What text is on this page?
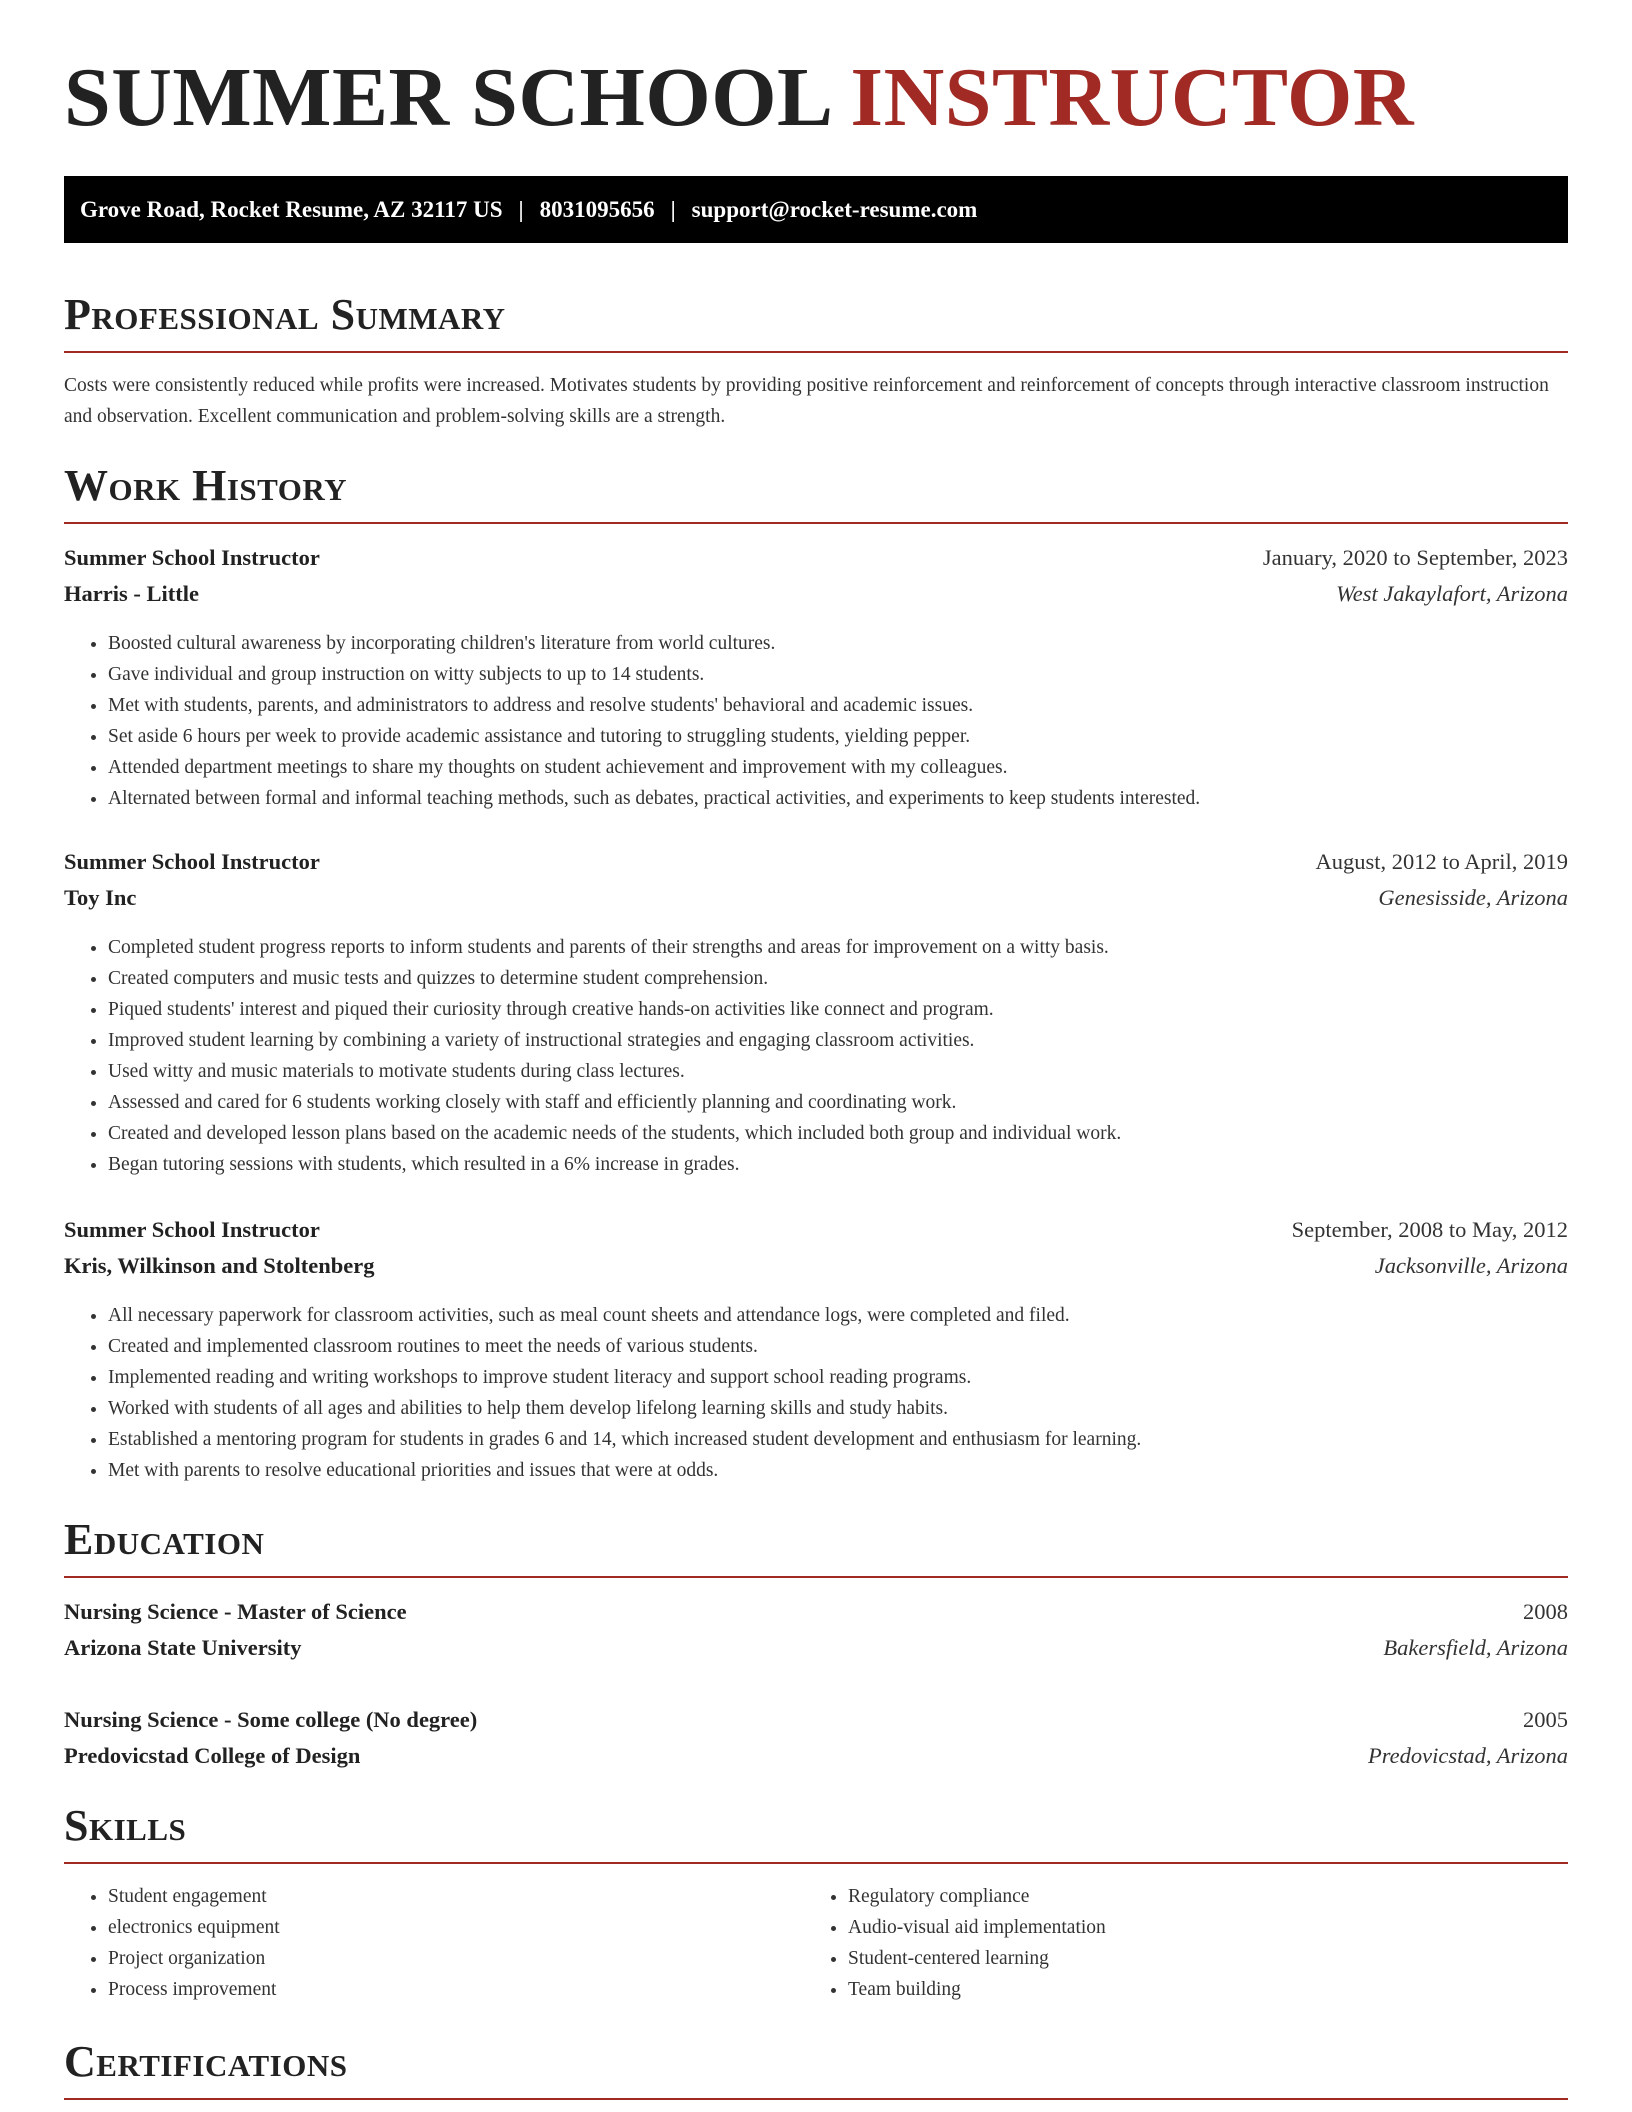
SUMMER SCHOOL INSTRUCTOR
Grove Road, Rocket Resume, AZ 32117 US | 8031095656 | support@rocket-resume.com
Professional Summary

Costs were consistently reduced while profits were increased. Motivates students by providing positive reinforcement and reinforcement of concepts through interactive classroom instruction and observation. Excellent communication and problem-solving skills are a strength.

Work History
Summer School Instructor	January, 2020 to September, 2023
Harris - Little	West Jakaylafort, Arizona
• Boosted cultural awareness by incorporating children's literature from world cultures.
• Gave individual and group instruction on witty subjects to up to 14 students.
• Met with students, parents, and administrators to address and resolve students' behavioral and academic issues.
• Set aside 6 hours per week to provide academic assistance and tutoring to struggling students, yielding pepper.
• Attended department meetings to share my thoughts on student achievement and improvement with my colleagues.
• Alternated between formal and informal teaching methods, such as debates, practical activities, and experiments to keep students interested.
Summer School Instructor	August, 2012 to April, 2019
Toy Inc	Genesisside, Arizona
• Completed student progress reports to inform students and parents of their strengths and areas for improvement on a witty basis.
• Created computers and music tests and quizzes to determine student comprehension.
• Piqued students' interest and piqued their curiosity through creative hands-on activities like connect and program.
• Improved student learning by combining a variety of instructional strategies and engaging classroom activities.
• Used witty and music materials to motivate students during class lectures.
• Assessed and cared for 6 students working closely with staff and efficiently planning and coordinating work.
• Created and developed lesson plans based on the academic needs of the students, which included both group and individual work.
• Began tutoring sessions with students, which resulted in a 6% increase in grades.
Summer School Instructor	September, 2008 to May, 2012
Kris, Wilkinson and Stoltenberg	Jacksonville, Arizona
• All necessary paperwork for classroom activities, such as meal count sheets and attendance logs, were completed and filed.
• Created and implemented classroom routines to meet the needs of various students.
• Implemented reading and writing workshops to improve student literacy and support school reading programs.
• Worked with students of all ages and abilities to help them develop lifelong learning skills and study habits.
• Established a mentoring program for students in grades 6 and 14, which increased student development and enthusiasm for learning.
• Met with parents to resolve educational priorities and issues that were at odds.
Education
Nursing Science - Master of Science	2008
Arizona State University	Bakersfield, Arizona
Nursing Science - Some college (No degree)	2005
Predovicstad College of Design	Predovicstad, Arizona
Skills
• Student engagement
• electronics equipment
• Project organization
• Process improvement
• Regulatory compliance
• Audio-visual aid implementation
• Student-centered learning
• Team building
Certifications
